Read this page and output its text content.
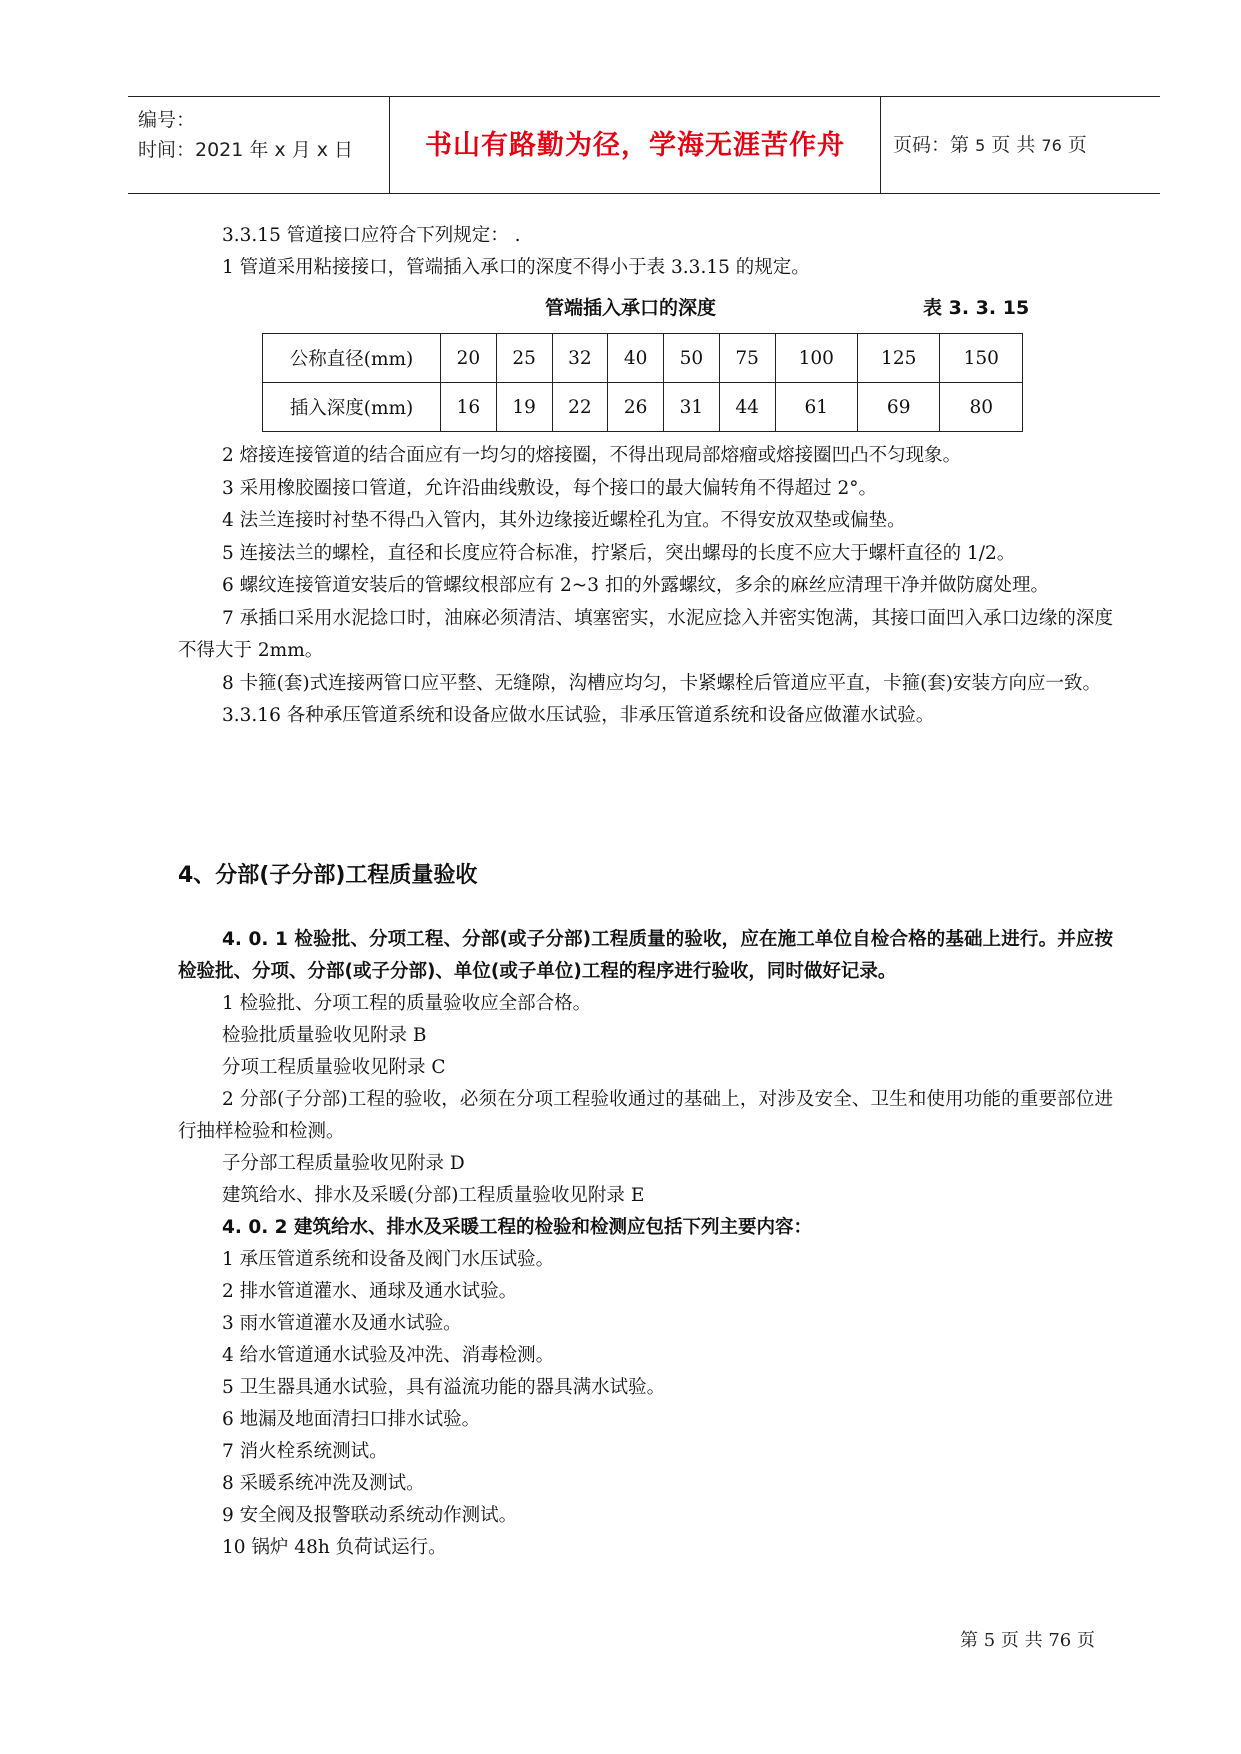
编号：
时间：2021 年 x 月 x 日	书山有路勤为径，学海无涯苦作舟	页码：第 5 页 共 76 页

3.3.15 管道接口应符合下列规定： .

1 管道采用粘接接口，管端插入承口的深度不得小于表 3.3.15 的规定。

管端插入承口的深度	表 3. 3. 15
公称直径(mm)	20	25	32	40	50	75	100	125	150
插入深度(mm)	16	19	22	26	31	44	61	69	80

2 熔接连接管道的结合面应有一均匀的熔接圈，不得出现局部熔瘤或熔接圈凹凸不匀现象。

3 采用橡胶圈接口管道，允许沿曲线敷设，每个接口的最大偏转角不得超过 2°。

4 法兰连接时衬垫不得凸入管内，其外边缘接近螺栓孔为宜。不得安放双垫或偏垫。

5 连接法兰的螺栓，直径和长度应符合标准，拧紧后，突出螺母的长度不应大于螺杆直径的 1/2。

6 螺纹连接管道安装后的管螺纹根部应有 2~3 扣的外露螺纹，多余的麻丝应清理干净并做防腐处理。

7 承插口采用水泥捻口时，油麻必须清洁、填塞密实，水泥应捻入并密实饱满，其接口面凹入承口边缘的深度不得大于 2mm。

8 卡箍(套)式连接两管口应平整、无缝隙，沟槽应均匀，卡紧螺栓后管道应平直，卡箍(套)安装方向应一致。

3.3.16 各种承压管道系统和设备应做水压试验，非承压管道系统和设备应做灌水试验。

4、分部(子分部)工程质量验收

4. 0. 1 检验批、分项工程、分部(或子分部)工程质量的验收，应在施工单位自检合格的基础上进行。并应按检验批、分项、分部(或子分部)、单位(或子单位)工程的程序进行验收，同时做好记录。

1 检验批、分项工程的质量验收应全部合格。

检验批质量验收见附录 B

分项工程质量验收见附录 C

2 分部(子分部)工程的验收，必须在分项工程验收通过的基础上，对涉及安全、卫生和使用功能的重要部位进行抽样检验和检测。

子分部工程质量验收见附录 D

建筑给水、排水及采暖(分部)工程质量验收见附录 E

4. 0. 2 建筑给水、排水及采暖工程的检验和检测应包括下列主要内容：

1 承压管道系统和设备及阀门水压试验。

2 排水管道灌水、通球及通水试验。

3 雨水管道灌水及通水试验。

4 给水管道通水试验及冲洗、消毒检测。

5 卫生器具通水试验，具有溢流功能的器具满水试验。

6 地漏及地面清扫口排水试验。

7 消火栓系统测试。

8 采暖系统冲洗及测试。

9 安全阀及报警联动系统动作测试。

10 锅炉 48h 负荷试运行。

第 5 页 共 76 页
